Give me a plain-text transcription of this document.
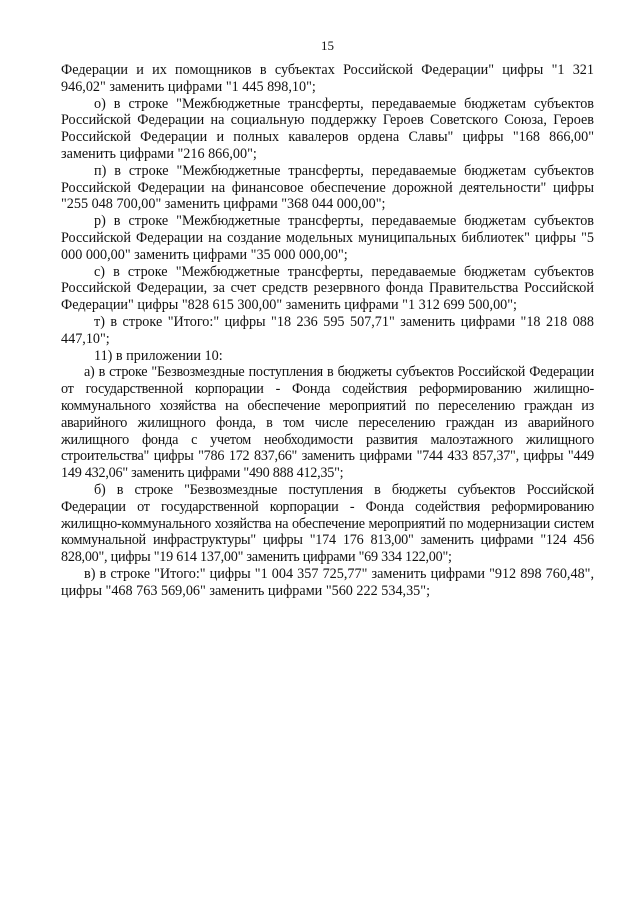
15

Федерации и их помощников в субъектах Российской Федерации" цифры "1 321 946,02" заменить цифрами "1 445 898,10";

о) в строке "Межбюджетные трансферты, передаваемые бюджетам субъектов Российской Федерации на социальную поддержку Героев Советского Союза, Героев Российской Федерации и полных кавалеров ордена Славы" цифры "168 866,00" заменить цифрами "216 866,00";

п) в строке "Межбюджетные трансферты, передаваемые бюджетам субъектов Российской Федерации на финансовое обеспечение дорожной деятельности" цифры "255 048 700,00" заменить цифрами "368 044 000,00";

р) в строке "Межбюджетные трансферты, передаваемые бюджетам субъектов Российской Федерации на создание модельных муниципальных библиотек" цифры "5 000 000,00" заменить цифрами "35 000 000,00";

с) в строке "Межбюджетные трансферты, передаваемые бюджетам субъектов Российской Федерации, за счет средств резервного фонда Правительства Российской Федерации" цифры "828 615 300,00" заменить цифрами "1 312 699 500,00";

т) в строке "Итого:" цифры "18 236 595 507,71" заменить цифрами "18 218 088 447,10";

11) в приложении 10:

а) в строке "Безвозмездные поступления в бюджеты субъектов Российской Федерации от государственной корпорации - Фонда содействия реформированию жилищно-коммунального хозяйства на обеспечение мероприятий по переселению граждан из аварийного жилищного фонда, в том числе переселению граждан из аварийного жилищного фонда с учетом необходимости развития малоэтажного жилищного строительства" цифры "786 172 837,66" заменить цифрами "744 433 857,37", цифры "449 149 432,06" заменить цифрами "490 888 412,35";

б) в строке "Безвозмездные поступления в бюджеты субъектов Российской Федерации от государственной корпорации - Фонда содействия реформированию жилищно-коммунального хозяйства на обеспечение мероприятий по модернизации систем коммунальной инфраструктуры" цифры "174 176 813,00" заменить цифрами "124 456 828,00", цифры "19 614 137,00" заменить цифрами "69 334 122,00";

в) в строке "Итого:" цифры "1 004 357 725,77" заменить цифрами "912 898 760,48", цифры "468 763 569,06" заменить цифрами "560 222 534,35";
